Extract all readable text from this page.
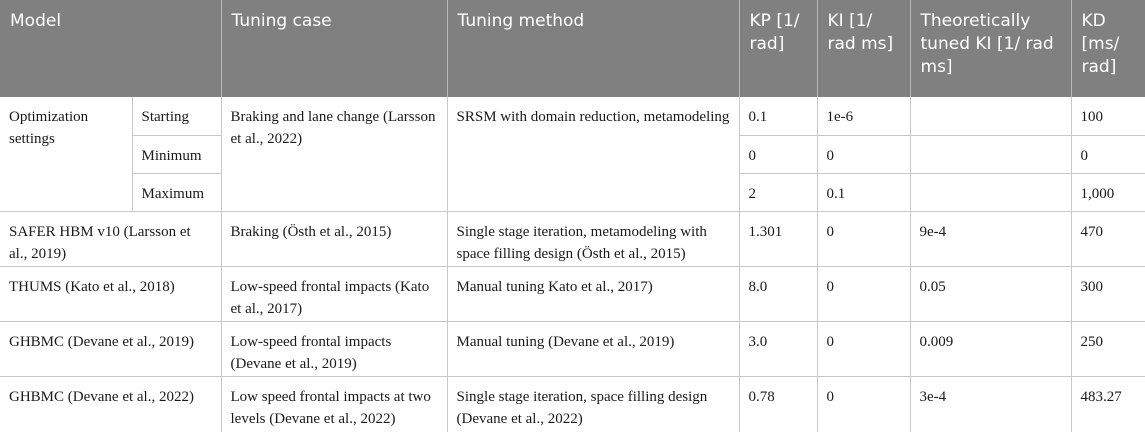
Model		Tuning case	Tuning method	KP [1/ rad]	KI [1/ rad ms]	Theoretically tuned KI [1/ rad ms]	KD [ms/ rad]
Optimization settings	Starting	Braking and lane change (Larsson et al., 2022)	SRSM with domain reduction, metamodeling	0.1	1e-6		100
	Minimum			0	0		0
	Maximum			2	0.1		1,000
SAFER HBM v10 (Larsson et al., 2019)		Braking (Östh et al., 2015)	Single stage iteration, metamodeling with space filling design (Östh et al., 2015)	1.301	0	9e-4	470
THUMS (Kato et al., 2018)		Low-speed frontal impacts (Kato et al., 2017)	Manual tuning Kato et al., 2017)	8.0	0	0.05	300
GHBMC (Devane et al., 2019)		Low-speed frontal impacts (Devane et al., 2019)	Manual tuning (Devane et al., 2019)	3.0	0	0.009	250
GHBMC (Devane et al., 2022)		Low speed frontal impacts at two levels (Devane et al., 2022)	Single stage iteration, space filling design (Devane et al., 2022)	0.78	0	3e-4	483.27
